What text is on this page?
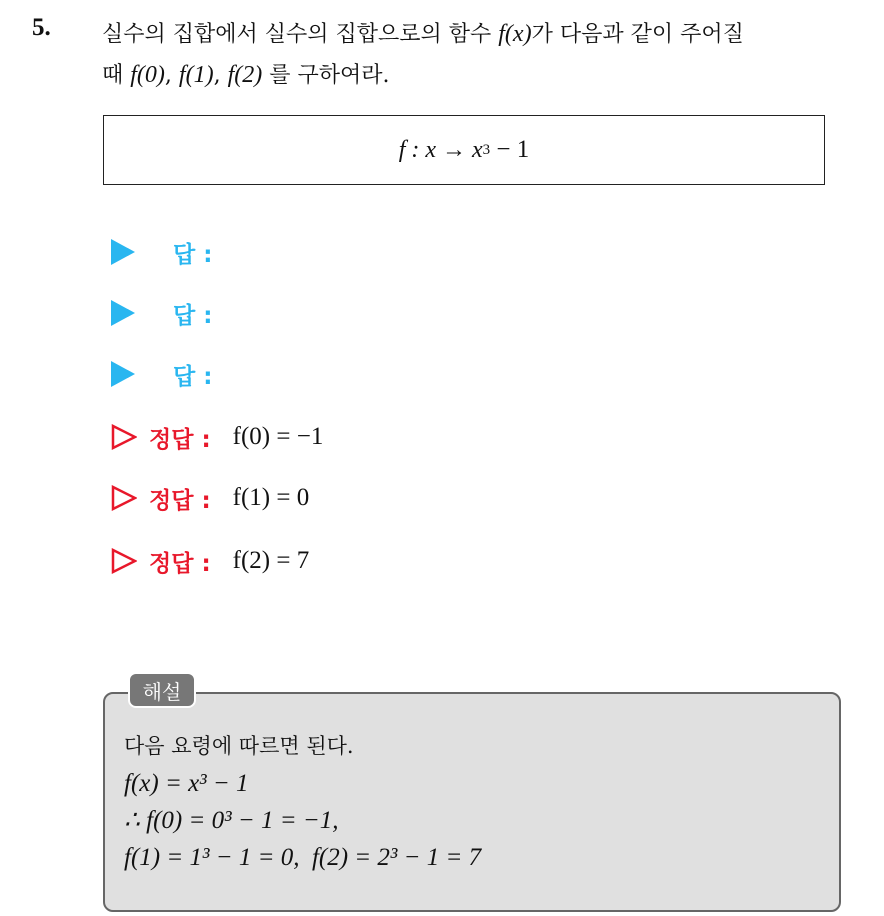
5. 실수의 집합에서 실수의 집합으로의 함수 f(x)가 다음과 같이 주어질
때 f(0), f(1), f(2) 를 구하여라.
f : x → x 3 − 1
답 :
답 :
답 :
정답 : f(0) = −1
정답 : f(1) = 0
정답 : f(2) = 7
해설
다음 요령에 따르면 된다.
f(x) = x³ − 1
∴ f(0) = 0³ − 1 = −1,
f(1) = 1³ − 1 = 0,  f(2) = 2³ − 1 = 7
